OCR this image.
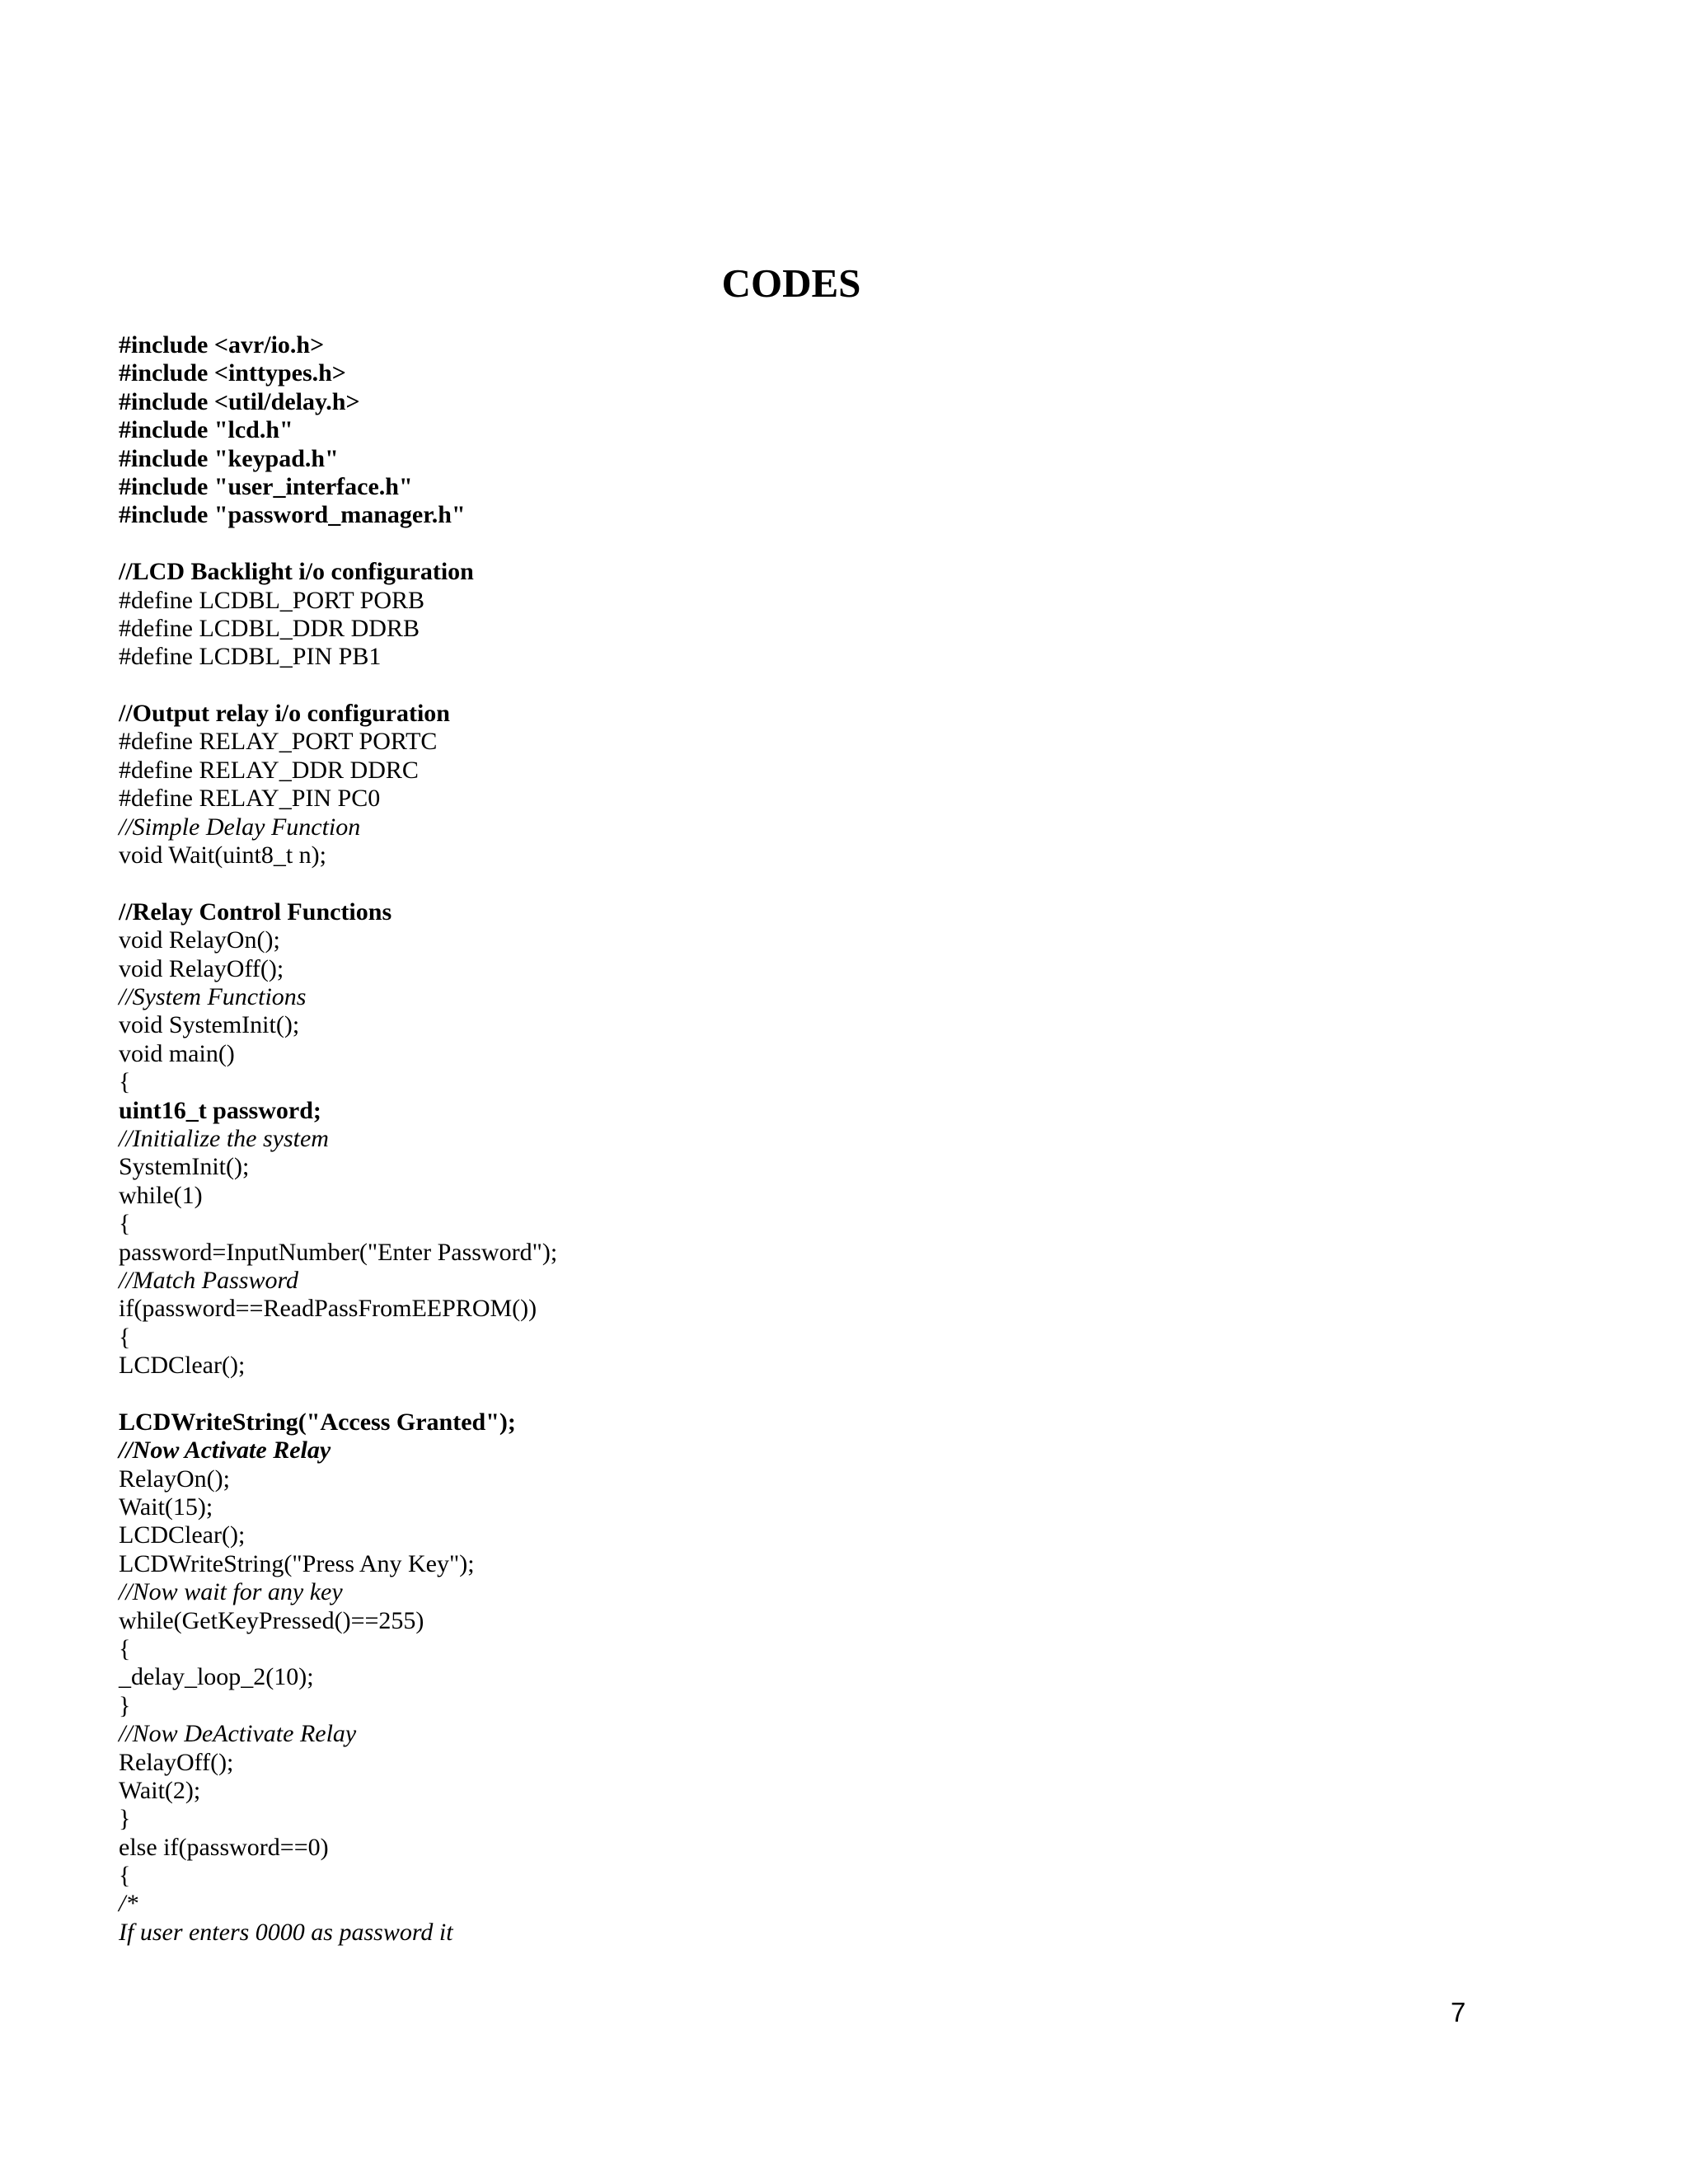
CODES
#include <avr/io.h>
#include <inttypes.h>
#include <util/delay.h>
#include "lcd.h"
#include "keypad.h"
#include "user_interface.h"
#include "password_manager.h"
//LCD Backlight i/o configuration
#define LCDBL_PORT PORB
#define LCDBL_DDR DDRB
#define LCDBL_PIN PB1
//Output relay i/o configuration
#define RELAY_PORT PORTC
#define RELAY_DDR DDRC
#define RELAY_PIN PC0
//Simple Delay Function
void Wait(uint8_t n);
//Relay Control Functions
void RelayOn();
void RelayOff();
//System Functions
void SystemInit();
void main()
{
uint16_t password;
//Initialize the system
SystemInit();
while(1)
{
password=InputNumber("Enter Password");
//Match Password
if(password==ReadPassFromEEPROM())
{
LCDClear();
LCDWriteString("Access Granted");
//Now Activate Relay
RelayOn();
Wait(15);
LCDClear();
LCDWriteString("Press Any Key");
//Now wait for any key
while(GetKeyPressed()==255)
{
_delay_loop_2(10);
}
//Now DeActivate Relay
RelayOff();
Wait(2);
}
else if(password==0)
{
/*
If user enters 0000 as password it
7
